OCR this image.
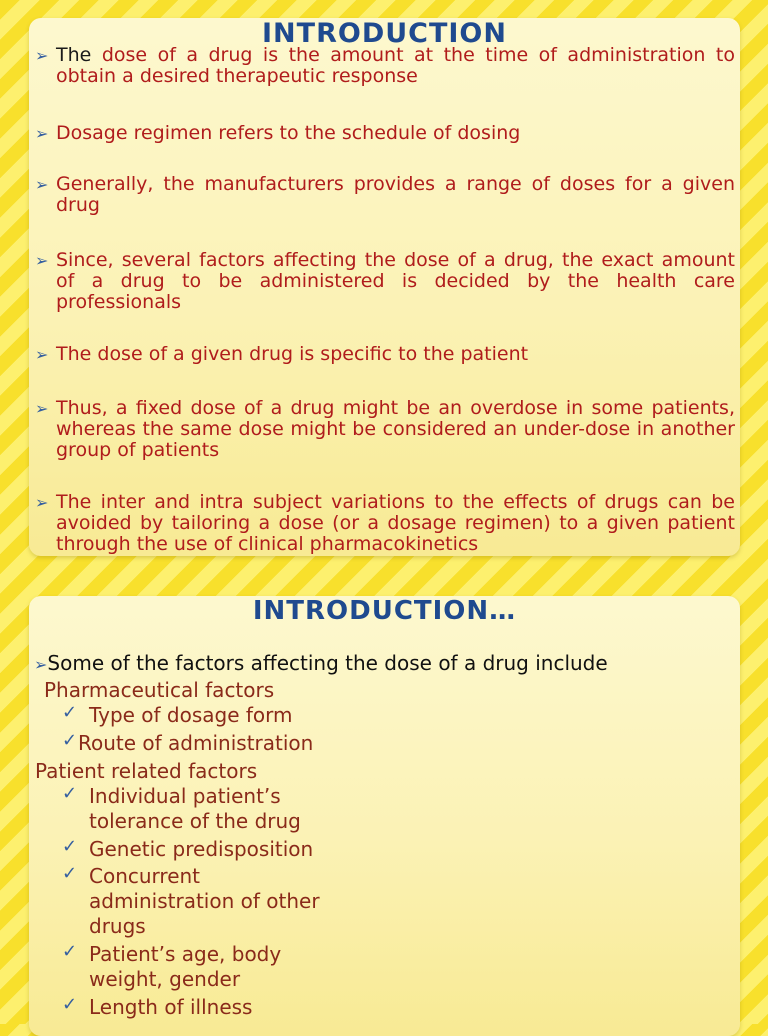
INTRODUCTION
➢ The dose of a drug is the amount at the time of administration to obtain a desired therapeutic response
➢ Dosage regimen refers to the schedule of dosing
➢ Generally, the manufacturers provides a range of doses for a given drug
➢ Since, several factors affecting the dose of a drug, the exact amount of a drug to be administered is decided by the health care professionals
➢ The dose of a given drug is specific to the patient
➢ Thus, a fixed dose of a drug might be an overdose in some patients, whereas the same dose might be considered an under-dose in another group of patients
➢ The inter and intra subject variations to the effects of drugs can be avoided by tailoring a dose (or a dosage regimen) to a given patient through the use of clinical pharmacokinetics
INTRODUCTION…
➢Some of the factors affecting the dose of a drug include
Pharmaceutical factors
✓ Type of dosage form
✓ Route of administration
Patient related factors
✓ Individual patient’s tolerance of the drug
✓ Genetic predisposition
✓ Concurrent administration of other drugs
✓ Patient’s age, body weight, gender
✓ Length of illness
